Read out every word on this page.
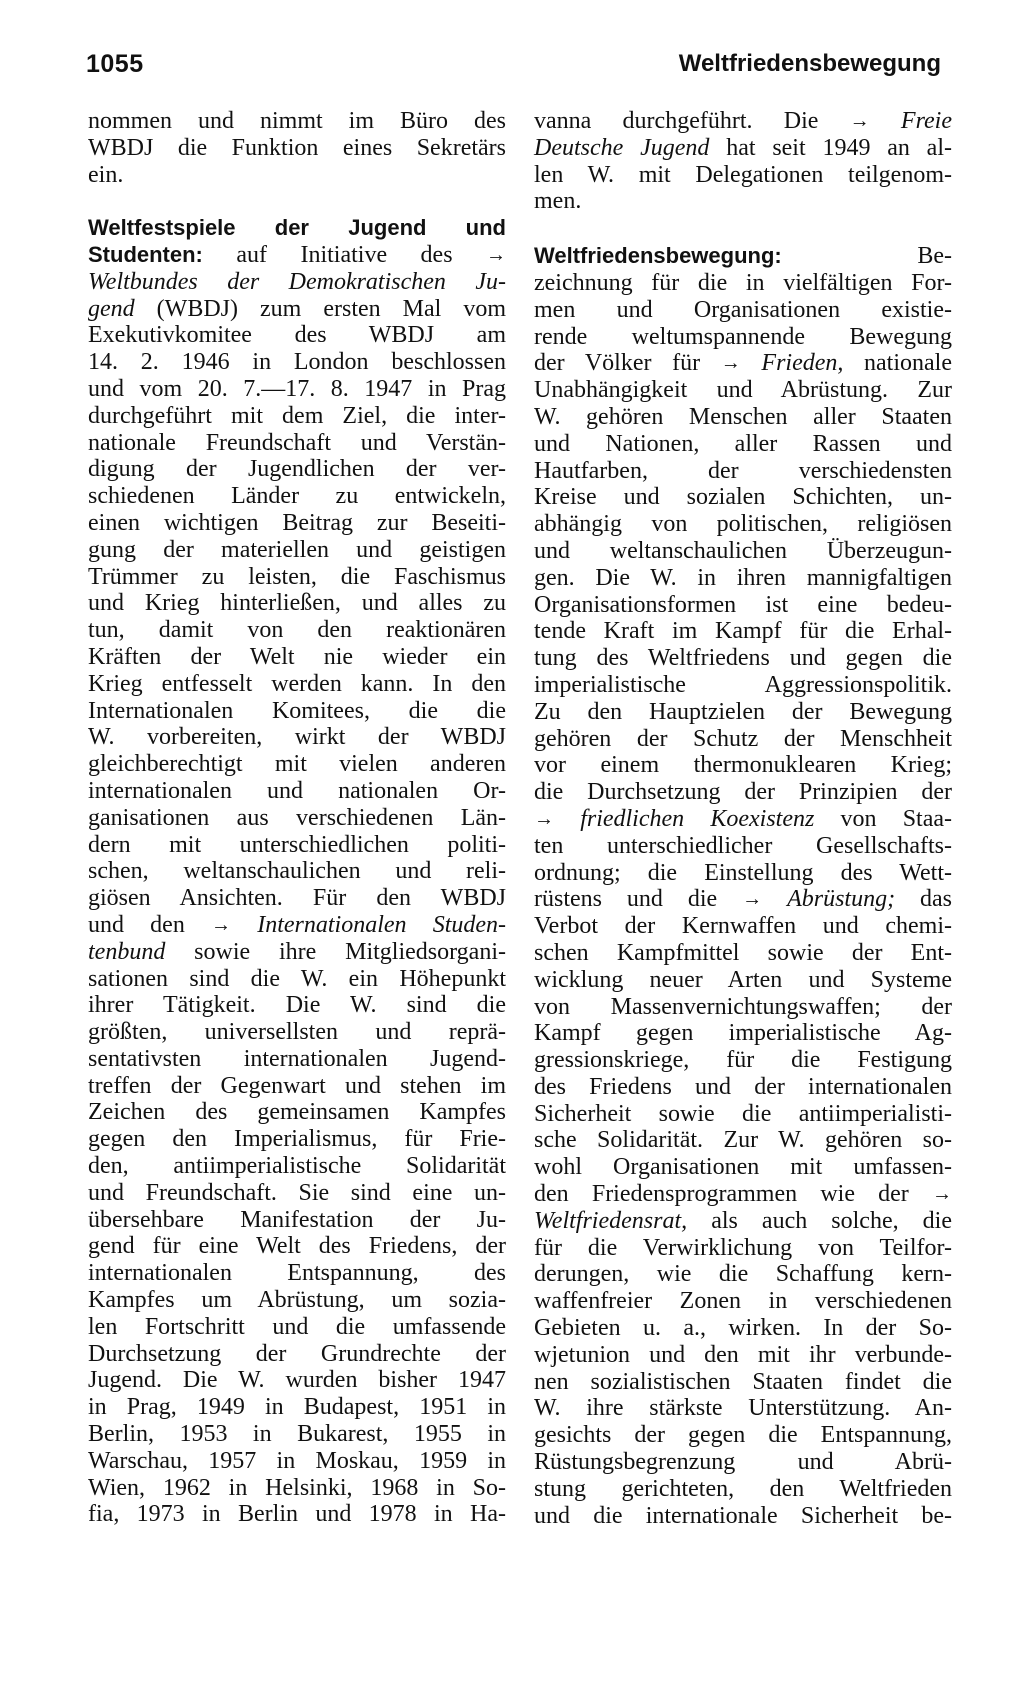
1055	Weltfriedensbewegung
nommen und nimmt im Büro des
WBDJ die Funktion eines Sekretärs
ein.
Weltfestspiele der Jugend und
Studenten: auf Initiative des →
Weltbundes der Demokratischen Ju-
gend (WBDJ) zum ersten Mal vom
Exekutivkomitee des WBDJ am
14. 2. 1946 in London beschlossen
und vom 20. 7.—17. 8. 1947 in Prag
durchgeführt mit dem Ziel, die inter-
nationale Freundschaft und Verstän-
digung der Jugendlichen der ver-
schiedenen Länder zu entwickeln,
einen wichtigen Beitrag zur Beseiti-
gung der materiellen und geistigen
Trümmer zu leisten, die Faschismus
und Krieg hinterließen, und alles zu
tun, damit von den reaktionären
Kräften der Welt nie wieder ein
Krieg entfesselt werden kann. In den
Internationalen Komitees, die die
W. vorbereiten, wirkt der WBDJ
gleichberechtigt mit vielen anderen
internationalen und nationalen Or-
ganisationen aus verschiedenen Län-
dern mit unterschiedlichen politi-
schen, weltanschaulichen und reli-
giösen Ansichten. Für den WBDJ
und den → Internationalen Studen-
tenbund sowie ihre Mitgliedsorgani-
sationen sind die W. ein Höhepunkt
ihrer Tätigkeit. Die W. sind die
größten, universellsten und reprä-
sentativsten internationalen Jugend-
treffen der Gegenwart und stehen im
Zeichen des gemeinsamen Kampfes
gegen den Imperialismus, für Frie-
den, antiimperialistische Solidarität
und Freundschaft. Sie sind eine un-
übersehbare Manifestation der Ju-
gend für eine Welt des Friedens, der
internationalen Entspannung, des
Kampfes um Abrüstung, um sozia-
len Fortschritt und die umfassende
Durchsetzung der Grundrechte der
Jugend. Die W. wurden bisher 1947
in Prag, 1949 in Budapest, 1951 in
Berlin, 1953 in Bukarest, 1955 in
Warschau, 1957 in Moskau, 1959 in
Wien, 1962 in Helsinki, 1968 in So-
fia, 1973 in Berlin und 1978 in Ha-
vanna durchgeführt. Die → Freie
Deutsche Jugend hat seit 1949 an al-
len W. mit Delegationen teilgenom-
men.
Weltfriedensbewegung:	Be-
zeichnung für die in vielfältigen For-
men und Organisationen existie-
rende weltumspannende Bewegung
der Völker für → Frieden, nationale
Unabhängigkeit und Abrüstung. Zur
W. gehören Menschen aller Staaten
und Nationen, aller Rassen und
Hautfarben, der verschiedensten
Kreise und sozialen Schichten, un-
abhängig von politischen, religiösen
und weltanschaulichen Überzeugun-
gen. Die W. in ihren mannigfaltigen
Organisationsformen ist eine bedeu-
tende Kraft im Kampf für die Erhal-
tung des Weltfriedens und gegen die
imperialistische Aggressionspolitik.
Zu den Hauptzielen der Bewegung
gehören der Schutz der Menschheit
vor einem thermonuklearen Krieg;
die Durchsetzung der Prinzipien der
→ friedlichen Koexistenz von Staa-
ten unterschiedlicher Gesellschafts-
ordnung; die Einstellung des Wett-
rüstens und die → Abrüstung; das
Verbot der Kernwaffen und chemi-
schen Kampfmittel sowie der Ent-
wicklung neuer Arten und Systeme
von Massenvernichtungswaffen; der
Kampf gegen imperialistische Ag-
gressionskriege, für die Festigung
des Friedens und der internationalen
Sicherheit sowie die antiimperialisti-
sche Solidarität. Zur W. gehören so-
wohl Organisationen mit umfassen-
den Friedensprogrammen wie der →
Weltfriedensrat, als auch solche, die
für die Verwirklichung von Teilfor-
derungen, wie die Schaffung kern-
waffenfreier Zonen in verschiedenen
Gebieten u. a., wirken. In der So-
wjetunion und den mit ihr verbunde-
nen sozialistischen Staaten findet die
W. ihre stärkste Unterstützung. An-
gesichts der gegen die Entspannung,
Rüstungsbegrenzung und Abrü-
stung gerichteten, den Weltfrieden
und die internationale Sicherheit be-
